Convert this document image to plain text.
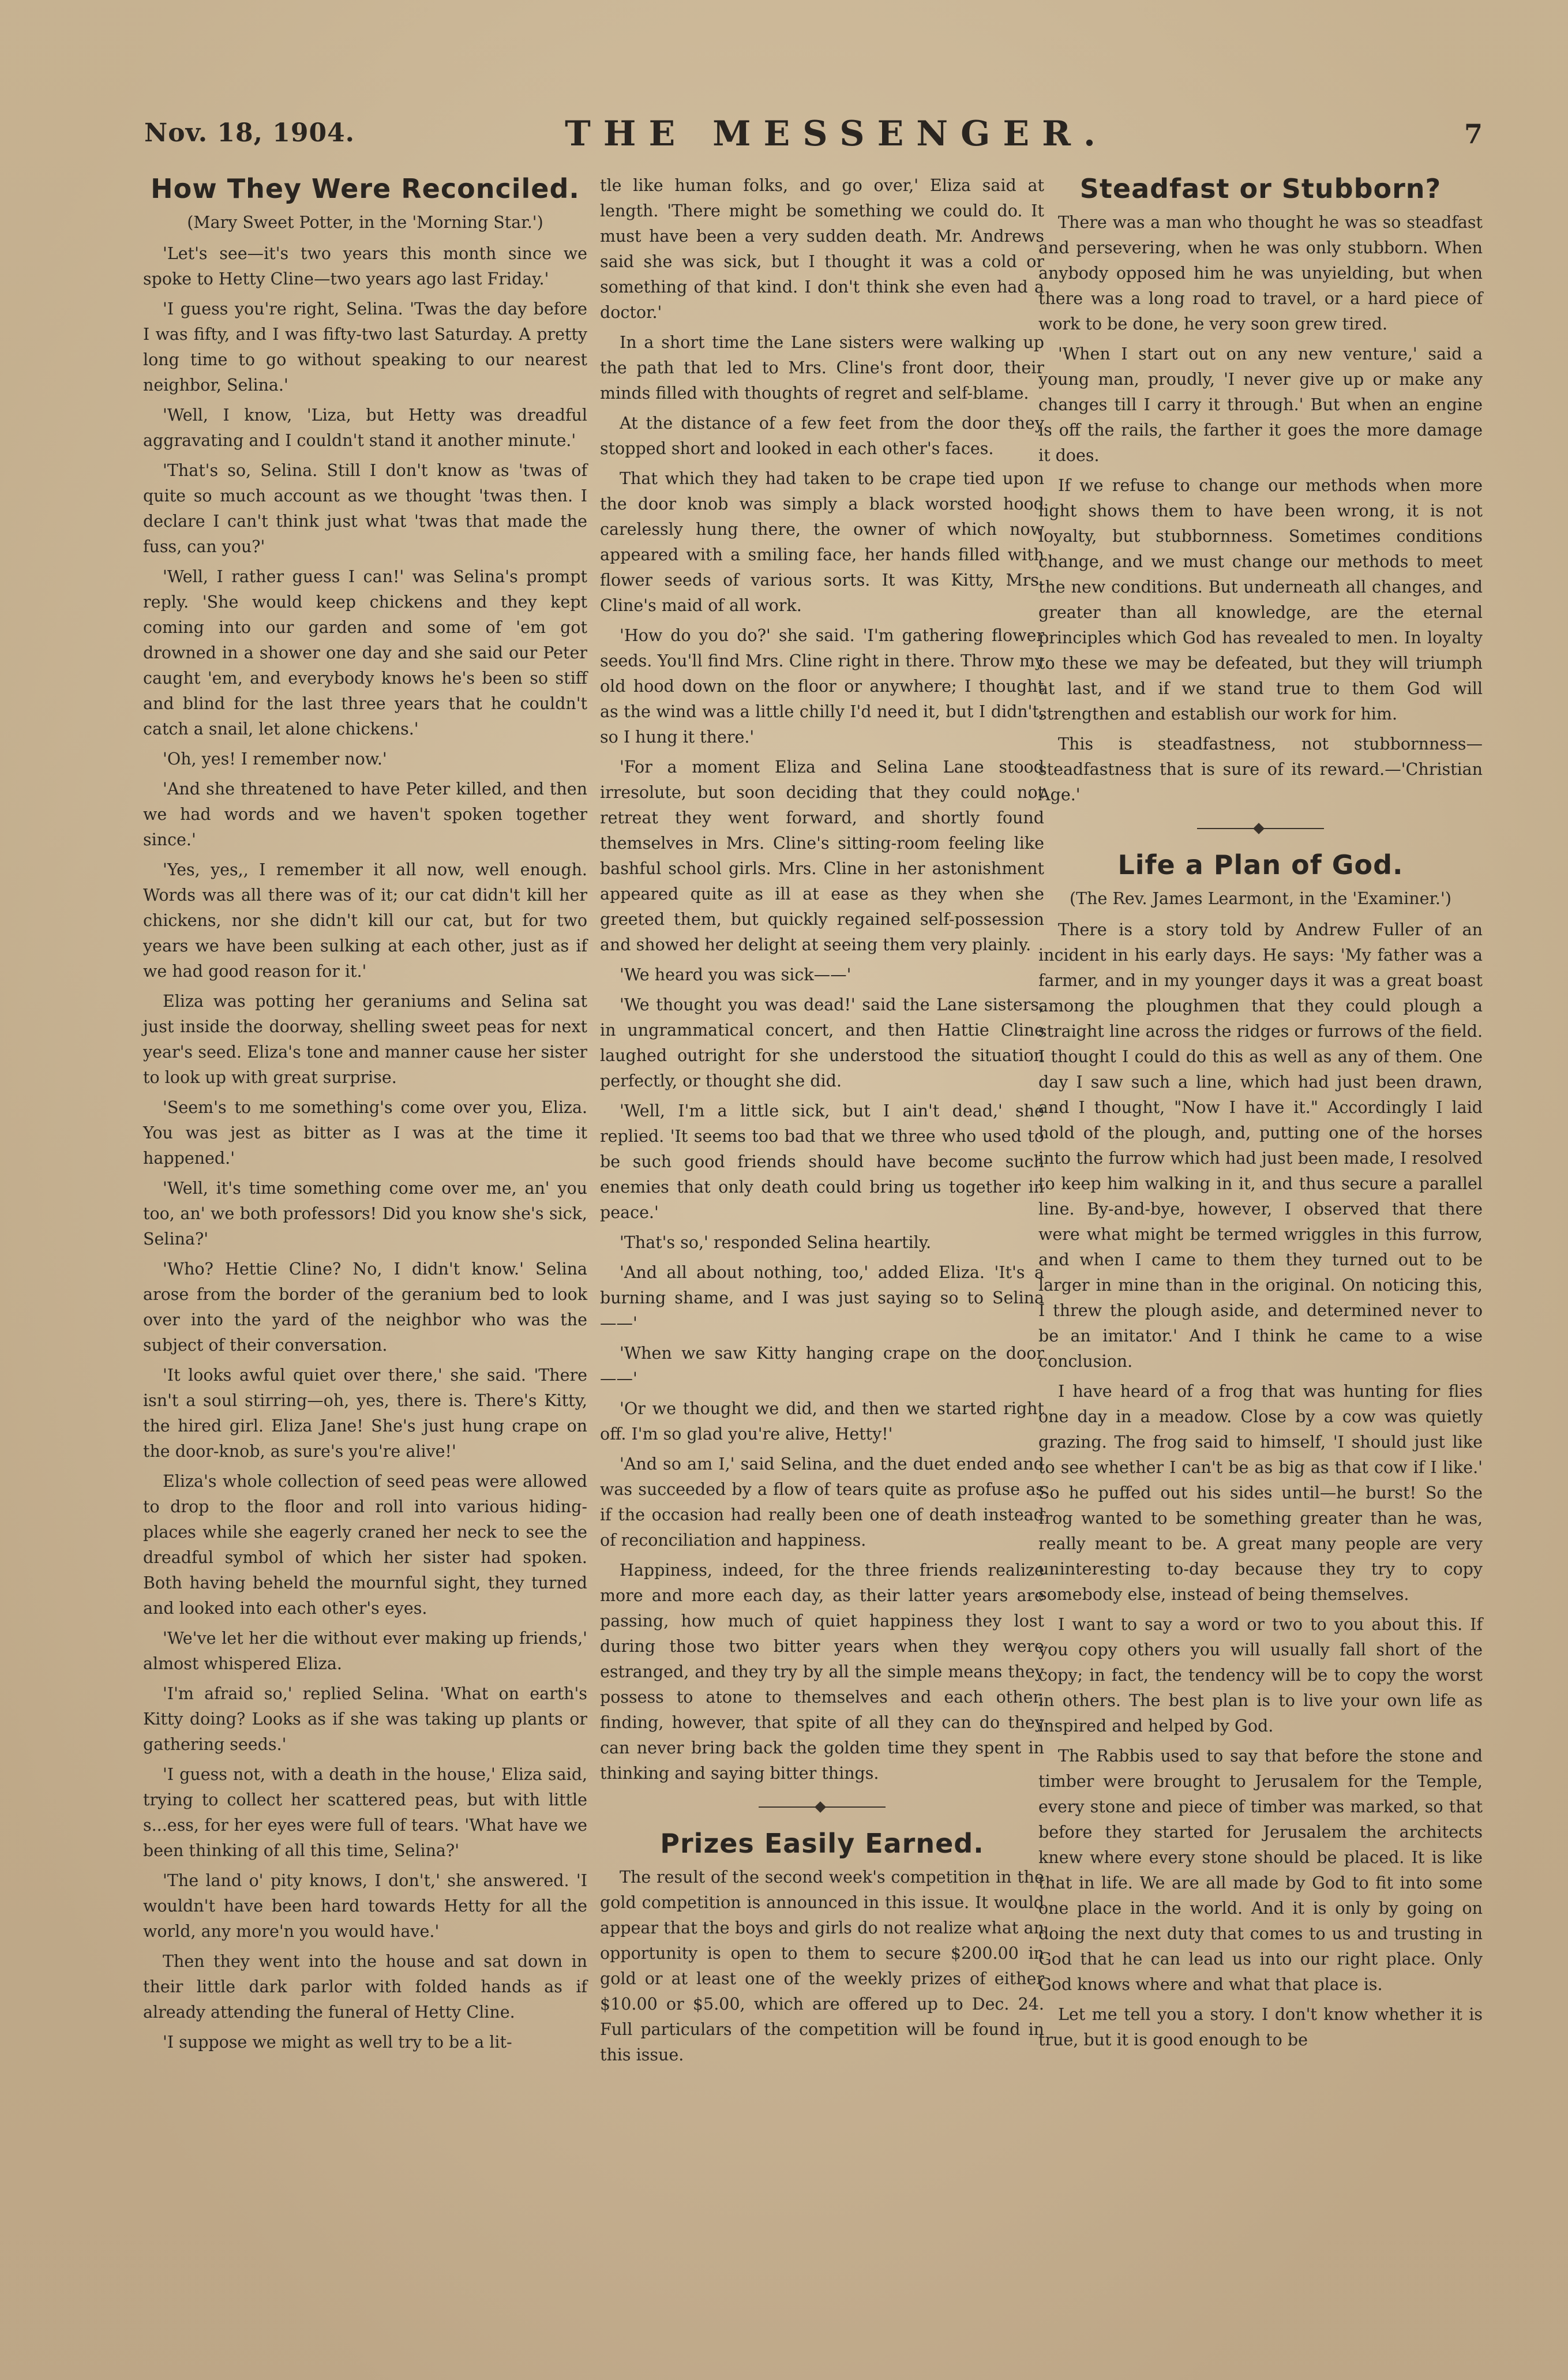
Nov. 18, 1904.	THE MESSENGER.	7
How They Were Reconciled.

(Mary Sweet Potter, in the 'Morning Star.')

'Let's see—it's two years this month since we spoke to Hetty Cline—two years ago last Friday.'

'I guess you're right, Selina. 'Twas the day before I was fifty, and I was fifty-two last Saturday. A pretty long time to go without speaking to our nearest neighbor, Selina.'

'Well, I know, 'Liza, but Hetty was dreadful aggravating and I couldn't stand it another minute.'

'That's so, Selina. Still I don't know as 'twas of quite so much account as we thought 'twas then. I declare I can't think just what 'twas that made the fuss, can you?'

'Well, I rather guess I can!' was Selina's prompt reply. 'She would keep chickens and they kept coming into our garden and some of 'em got drowned in a shower one day and she said our Peter caught 'em, and everybody knows he's been so stiff and blind for the last three years that he couldn't catch a snail, let alone chickens.'

'Oh, yes! I remember now.'

'And she threatened to have Peter killed, and then we had words and we haven't spoken together since.'

'Yes, yes,, I remember it all now, well enough. Words was all there was of it; our cat didn't kill her chickens, nor she didn't kill our cat, but for two years we have been sulking at each other, just as if we had good reason for it.'

Eliza was potting her geraniums and Selina sat just inside the doorway, shelling sweet peas for next year's seed. Eliza's tone and manner cause her sister to look up with great surprise.

'Seem's to me something's come over you, Eliza. You was jest as bitter as I was at the time it happened.'

'Well, it's time something come over me, an' you too, an' we both professors! Did you know she's sick, Selina?'

'Who? Hettie Cline? No, I didn't know.' Selina arose from the border of the geranium bed to look over into the yard of the neighbor who was the subject of their conversation.

'It looks awful quiet over there,' she said. 'There isn't a soul stirring—oh, yes, there is. There's Kitty, the hired girl. Eliza Jane! She's just hung crape on the door-knob, as sure's you're alive!'

Eliza's whole collection of seed peas were allowed to drop to the floor and roll into various hiding-places while she eagerly craned her neck to see the dreadful symbol of which her sister had spoken. Both having beheld the mournful sight, they turned and looked into each other's eyes.

'We've let her die without ever making up friends,' almost whispered Eliza.

'I'm afraid so,' replied Selina. 'What on earth's Kitty doing? Looks as if she was taking up plants or gathering seeds.'

'I guess not, with a death in the house,' Eliza said, trying to collect her scattered peas, but with little s...ess, for her eyes were full of tears. 'What have we been thinking of all this time, Selina?'

'The land o' pity knows, I don't,' she answered. 'I wouldn't have been hard towards Hetty for all the world, any more'n you would have.'

Then they went into the house and sat down in their little dark parlor with folded hands as if already attending the funeral of Hetty Cline.

'I suppose we might as well try to be a lit-

tle like human folks, and go over,' Eliza said at length. 'There might be something we could do. It must have been a very sudden death. Mr. Andrews said she was sick, but I thought it was a cold or something of that kind. I don't think she even had a doctor.'

In a short time the Lane sisters were walking up the path that led to Mrs. Cline's front door, their minds filled with thoughts of regret and self-blame.

At the distance of a few feet from the door they stopped short and looked in each other's faces.

That which they had taken to be crape tied upon the door knob was simply a black worsted hood carelessly hung there, the owner of which now appeared with a smiling face, her hands filled with flower seeds of various sorts. It was Kitty, Mrs. Cline's maid of all work.

'How do you do?' she said. 'I'm gathering flower seeds. You'll find Mrs. Cline right in there. Throw my old hood down on the floor or anywhere; I thought as the wind was a little chilly I'd need it, but I didn't, so I hung it there.'

'For a moment Eliza and Selina Lane stood irresolute, but soon deciding that they could not retreat they went forward, and shortly found themselves in Mrs. Cline's sitting-room feeling like bashful school girls. Mrs. Cline in her astonishment appeared quite as ill at ease as they when she greeted them, but quickly regained self-possession and showed her delight at seeing them very plainly.

'We heard you was sick——'

'We thought you was dead!' said the Lane sisters, in ungrammatical concert, and then Hattie Cline laughed outright for she understood the situation perfectly, or thought she did.

'Well, I'm a little sick, but I ain't dead,' she replied. 'It seems too bad that we three who used to be such good friends should have become such enemies that only death could bring us together in peace.'

'That's so,' responded Selina heartily.

'And all about nothing, too,' added Eliza. 'It's a burning shame, and I was just saying so to Selina——'

'When we saw Kitty hanging crape on the door——'

'Or we thought we did, and then we started right off. I'm so glad you're alive, Hetty!'

'And so am I,' said Selina, and the duet ended and was succeeded by a flow of tears quite as profuse as if the occasion had really been one of death instead of reconciliation and happiness.

Happiness, indeed, for the three friends realize more and more each day, as their latter years are passing, how much of quiet happiness they lost during those two bitter years when they were estranged, and they try by all the simple means they possess to atone to themselves and each other, finding, however, that spite of all they can do they can never bring back the golden time they spent in thinking and saying bitter things.

Prizes Easily Earned.

The result of the second week's competition in the gold competition is announced in this issue. It would appear that the boys and girls do not realize what an opportunity is open to them to secure $200.00 in gold or at least one of the weekly prizes of either $10.00 or $5.00, which are offered up to Dec. 24. Full particulars of the competition will be found in this issue.

Steadfast or Stubborn?

There was a man who thought he was so steadfast and persevering, when he was only stubborn. When anybody opposed him he was unyielding, but when there was a long road to travel, or a hard piece of work to be done, he very soon grew tired.

'When I start out on any new venture,' said a young man, proudly, 'I never give up or make any changes till I carry it through.' But when an engine is off the rails, the farther it goes the more damage it does.

If we refuse to change our methods when more light shows them to have been wrong, it is not loyalty, but stubbornness. Sometimes conditions change, and we must change our methods to meet the new conditions. But underneath all changes, and greater than all knowledge, are the eternal principles which God has revealed to men. In loyalty to these we may be defeated, but they will triumph at last, and if we stand true to them God will strengthen and establish our work for him.

This is steadfastness, not stubbornness—steadfastness that is sure of its reward.—'Christian Age.'

Life a Plan of God.

(The Rev. James Learmont, in the 'Examiner.')

There is a story told by Andrew Fuller of an incident in his early days. He says: 'My father was a farmer, and in my younger days it was a great boast among the ploughmen that they could plough a straight line across the ridges or furrows of the field. I thought I could do this as well as any of them. One day I saw such a line, which had just been drawn, and I thought, "Now I have it." Accordingly I laid hold of the plough, and, putting one of the horses into the furrow which had just been made, I resolved to keep him walking in it, and thus secure a parallel line. By-and-bye, however, I observed that there were what might be termed wriggles in this furrow, and when I came to them they turned out to be larger in mine than in the original. On noticing this, I threw the plough aside, and determined never to be an imitator.' And I think he came to a wise conclusion.

I have heard of a frog that was hunting for flies one day in a meadow. Close by a cow was quietly grazing. The frog said to himself, 'I should just like to see whether I can't be as big as that cow if I like.' So he puffed out his sides until—he burst! So the frog wanted to be something greater than he was, really meant to be. A great many people are very uninteresting to-day because they try to copy somebody else, instead of being themselves.

I want to say a word or two to you about this. If you copy others you will usually fall short of the copy; in fact, the tendency will be to copy the worst in others. The best plan is to live your own life as inspired and helped by God.

The Rabbis used to say that before the stone and timber were brought to Jerusalem for the Temple, every stone and piece of timber was marked, so that before they started for Jerusalem the architects knew where every stone should be placed. It is like that in life. We are all made by God to fit into some one place in the world. And it is only by going on doing the next duty that comes to us and trusting in God that he can lead us into our right place. Only God knows where and what that place is.

Let me tell you a story. I don't know whether it is true, but it is good enough to be
